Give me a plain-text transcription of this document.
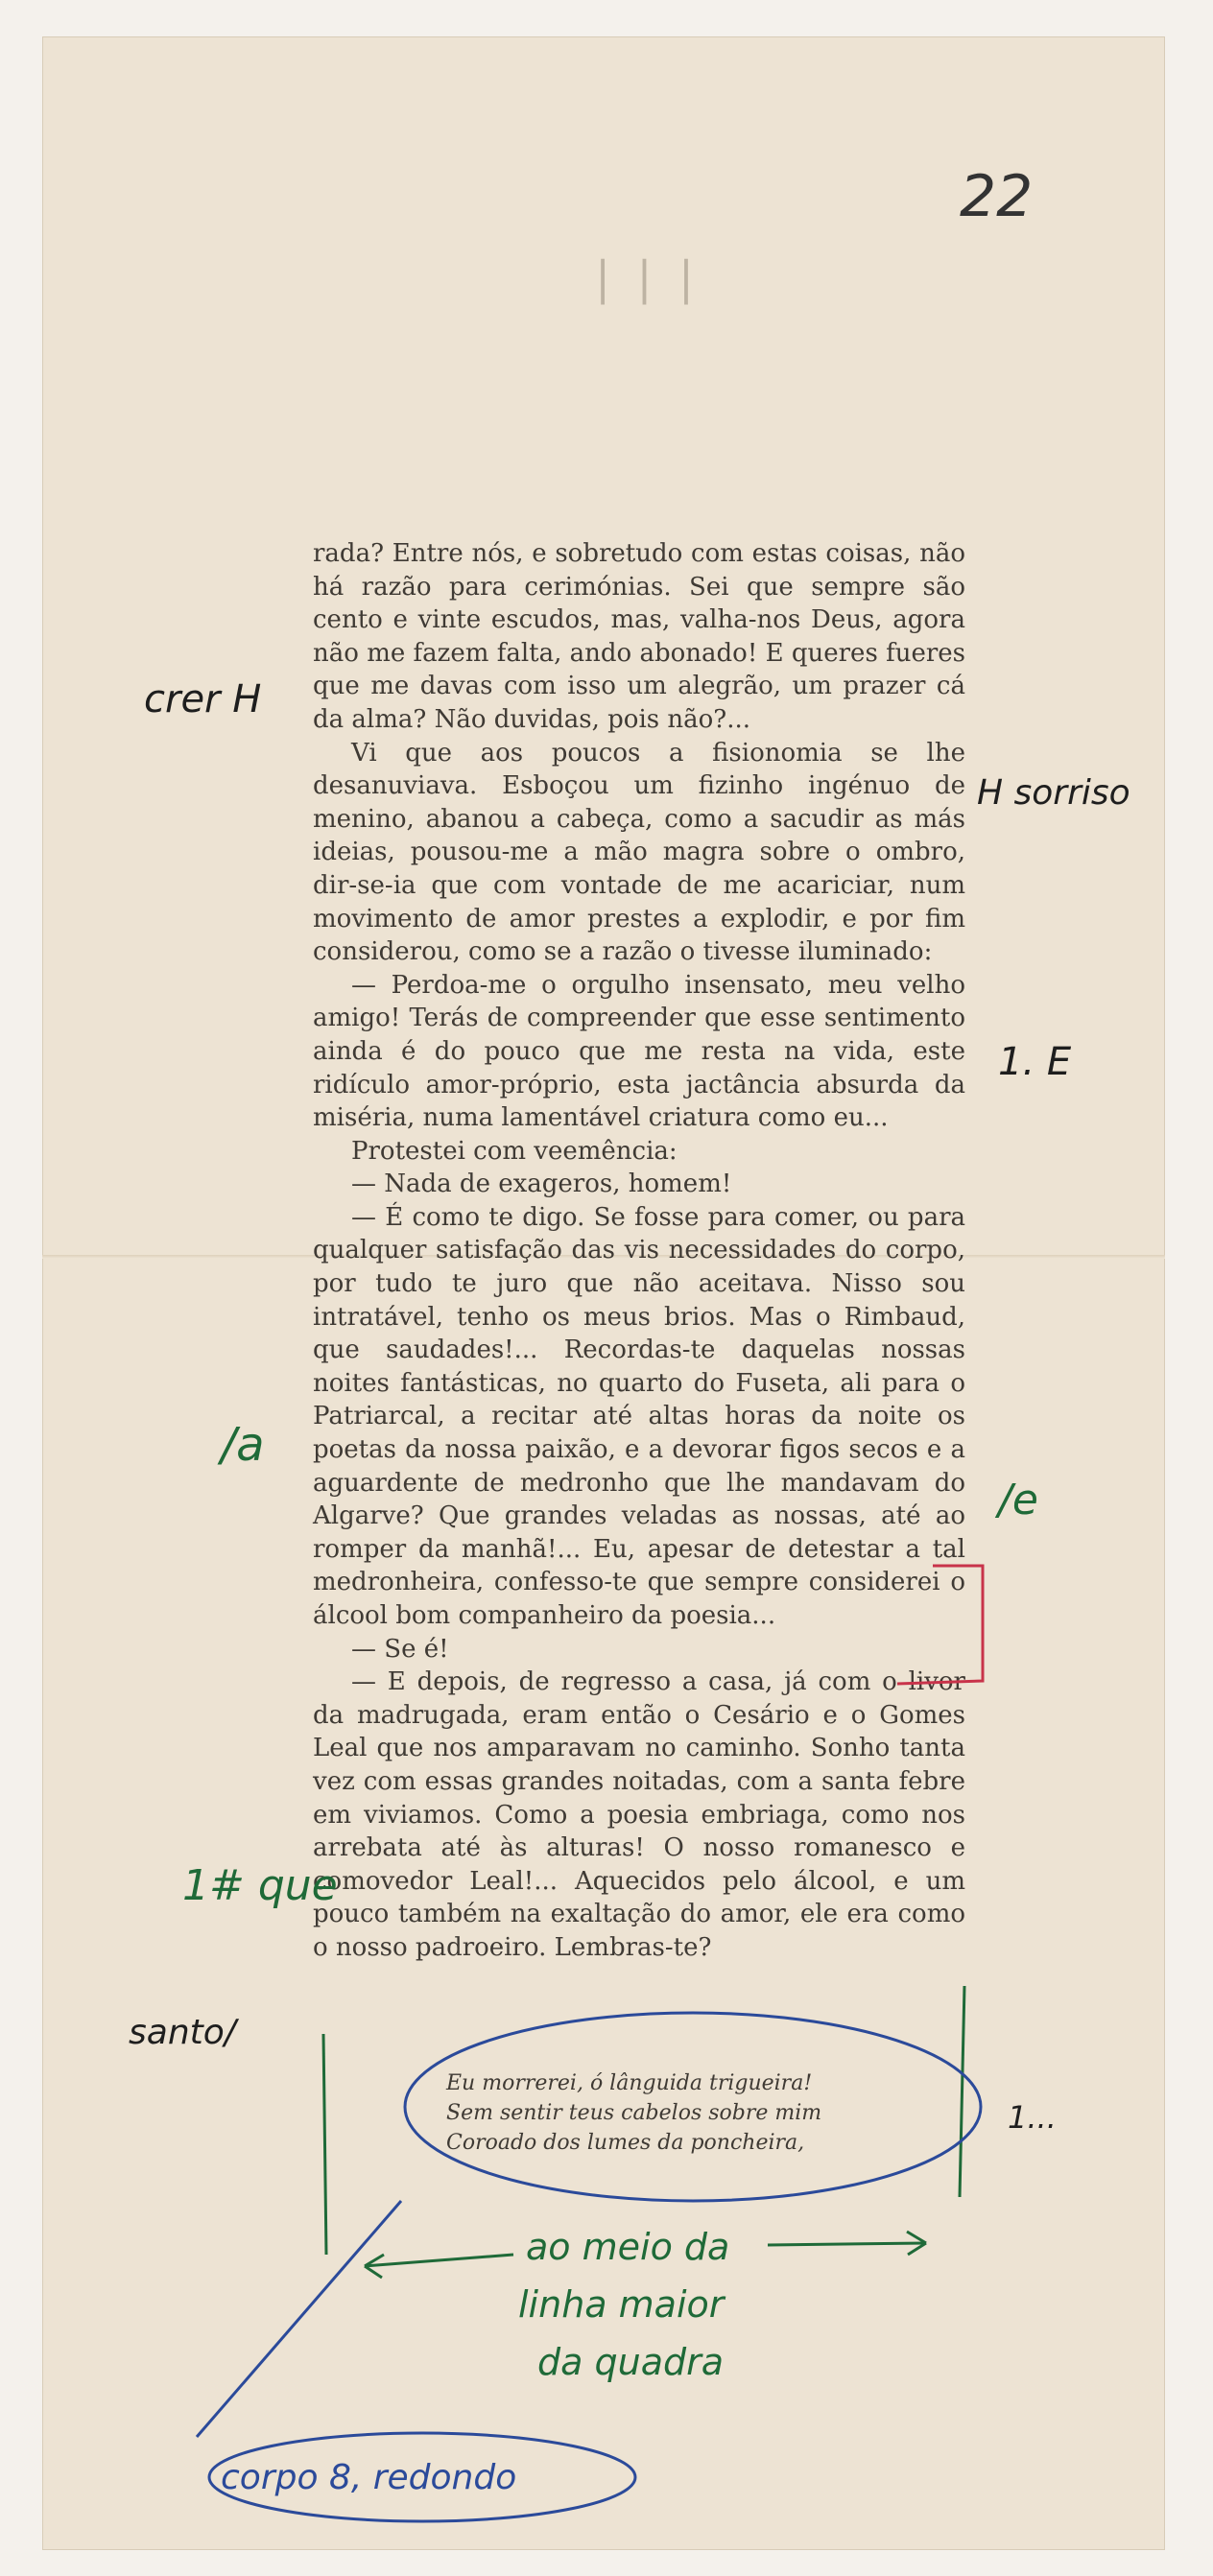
22
| | |

rada? Entre nós, e sobretudo com estas coisas, não há razão para cerimónias. Sei que sempre são cento e vinte escudos, mas, valha-nos Deus, agora não me fazem falta, ando abonado! E queres fueres que me davas com isso um alegrão, um prazer cá da alma? Não duvidas, pois não?...

Vi que aos poucos a fisionomia se lhe desanuviava. Esboçou um fizinho ingénuo de menino, abanou a cabeça, como a sacudir as más ideias, pousou-me a mão magra sobre o ombro, dir-se-ia que com vontade de me acariciar, num movimento de amor prestes a explodir, e por fim considerou, como se a razão o tivesse iluminado:

— Perdoa-me o orgulho insensato, meu velho amigo! Terás de compreender que esse sentimento ainda é do pouco que me resta na vida, este ridículo amor-próprio, esta jactância absurda da miséria, numa lamentável criatura como eu...

Protestei com veemência:

— Nada de exageros, homem!

— É como te digo. Se fosse para comer, ou para qualquer satisfação das vis necessidades do corpo, por tudo te juro que não aceitava. Nisso sou intratável, tenho os meus brios. Mas o Rimbaud, que saudades!... Recordas-te daquelas nossas noites fantásticas, no quarto do Fuseta, ali para o Patriarcal, a recitar até altas horas da noite os poetas da nossa paixão, e a devorar figos secos e a aguardente de medronho que lhe mandavam do Algarve? Que grandes veladas as nossas, até ao romper da manhã!... Eu, apesar de detestar a tal medronheira, confesso-te que sempre considerei o álcool bom companheiro da poesia...

— Se é!

— E depois, de regresso a casa, já com o livor da madrugada, eram então o Cesário e o Gomes Leal que nos amparavam no caminho. Sonho tanta vez com essas grandes noitadas, com a santa febre em viviamos. Como a poesia embriaga, como nos arrebata até às alturas! O nosso romanesco e comovedor Leal!... Aquecidos pelo álcool, e um pouco também na exaltação do amor, ele era como o nosso padroeiro. Lembras-te?

Eu morrerei, ó lânguida trigueira!
Sem sentir teus cabelos sobre mim
Coroado dos lumes da poncheira,
crer H
H sorriso
1. E
/a
/e
1# que
santo/
1...
ao meio da
linha maior
da quadra
corpo 8, redondo
